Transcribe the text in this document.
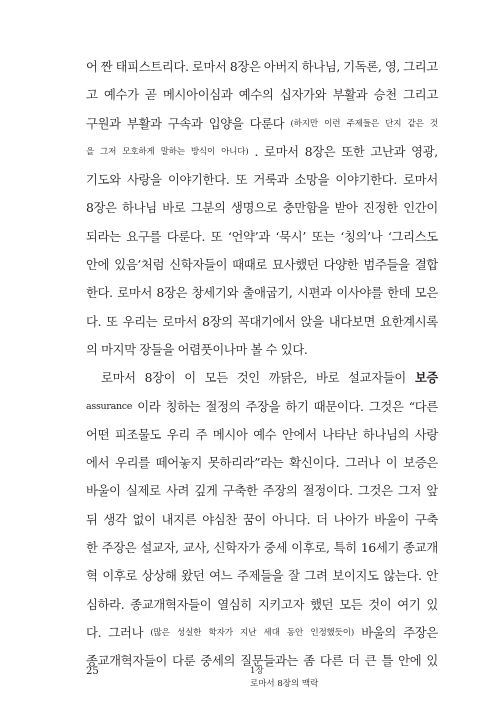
어 짠 태피스트리다. 로마서 8장은 아버지 하나님, 기독론, 영, 그리고
고 예수가 곧 메시아이심과 예수의 십자가와 부활과 승천 그리고
구원과 부활과 구속과 입양을 다룬다 (하지만 이런 주제들은 단지 같은 것
을 그저 모호하게 말하는 방식이 아니다) . 로마서 8장은 또한 고난과 영광,
기도와 사랑을 이야기한다. 또 거룩과 소망을 이야기한다. 로마서
8장은 하나님 바로 그분의 생명으로 충만함을 받아 진정한 인간이
되라는 요구를 다룬다. 또 ‘언약’과 ‘묵시’ 또는 ‘칭의’나 ‘그리스도
안에 있음’처럼 신학자들이 때때로 묘사했던 다양한 범주들을 결합
한다. 로마서 8장은 창세기와 출애굽기, 시편과 이사야를 한데 모은
다. 또 우리는 로마서 8장의 꼭대기에서 앉을 내다보면 요한계시록
의 마지막 장들을 어렴풋이나마 볼 수 있다.
로마서 8장이 이 모든 것인 까닭은, 바로 설교자들이 보증
assurance 이라 칭하는 절정의 주장을 하기 때문이다. 그것은 “다른
어떤 피조물도 우리 주 메시아 예수 안에서 나타난 하나님의 사랑
에서 우리를 떼어놓지 못하리라”라는 확신이다. 그러나 이 보증은
바울이 실제로 사려 깊게 구축한 주장의 절정이다. 그것은 그저 앞
뒤 생각 없이 내지른 야심찬 꿈이 아니다. 더 나아가 바울이 구축
한 주장은 설교자, 교사, 신학자가 중세 이후로, 특히 16세기 종교개
혁 이후로 상상해 왔던 여느 주제들을 잘 그려 보이지도 않는다. 안
심하라. 종교개혁자들이 열심히 지키고자 했던 모든 것이 여기 있
다. 그러나 (많은 성실한 학자가 지난 세대 동안 인정했듯이) 바울의 주장은
종교개혁자들이 다룬 중세의 질문들과는 좀 다른 더 큰 틀 안에 있
25	1장
로마서 8장의 맥락
